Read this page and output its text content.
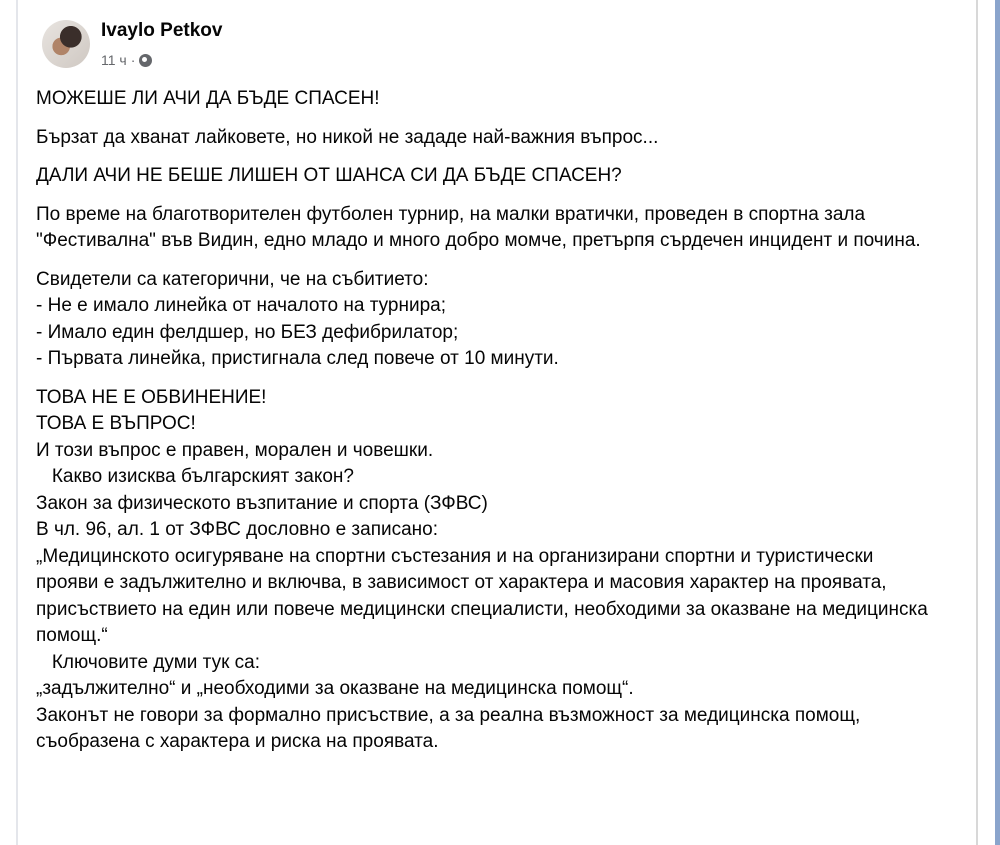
Ivaylo Petkov
11 ч ·

МОЖЕШЕ ЛИ АЧИ ДА БЪДЕ СПАСЕН!

Бързат да хванат лайковете, но никой не зададе най-важния въпрос...

ДАЛИ АЧИ НЕ БЕШЕ ЛИШЕН ОТ ШАНСА СИ ДА БЪДЕ СПАСЕН?

По време на благотворителен футболен турнир, на малки вратички, проведен в спортна зала "Фестивална" във Видин, едно младо и много добро момче, претърпя сърдечен инцидент и почина.

Свидетели са категорични, че на събитието:

- Не е имало линейка от началото на турнира;

- Имало един фелдшер, но БЕЗ дефибрилатор;

- Първата линейка, пристигнала след повече от 10 минути.

ТОВА НЕ Е ОБВИНЕНИЕ!

ТОВА Е ВЪПРОС!

И този въпрос е правен, морален и човешки.

Какво изисква българският закон?

Закон за физическото възпитание и спорта (ЗФВС)

В чл. 96, ал. 1 от ЗФВС дословно е записано:

„Медицинското осигуряване на спортни състезания и на организирани спортни и туристически прояви е задължително и включва, в зависимост от характера и масовия характер на проявата, присъствието на един или повече медицински специалисти, необходими за оказване на медицинска помощ.“

Ключовите думи тук са:

„задължително“ и „необходими за оказване на медицинска помощ“.

Законът не говори за формално присъствие, а за реална възможност за медицинска помощ, съобразена с характера и риска на проявата.
